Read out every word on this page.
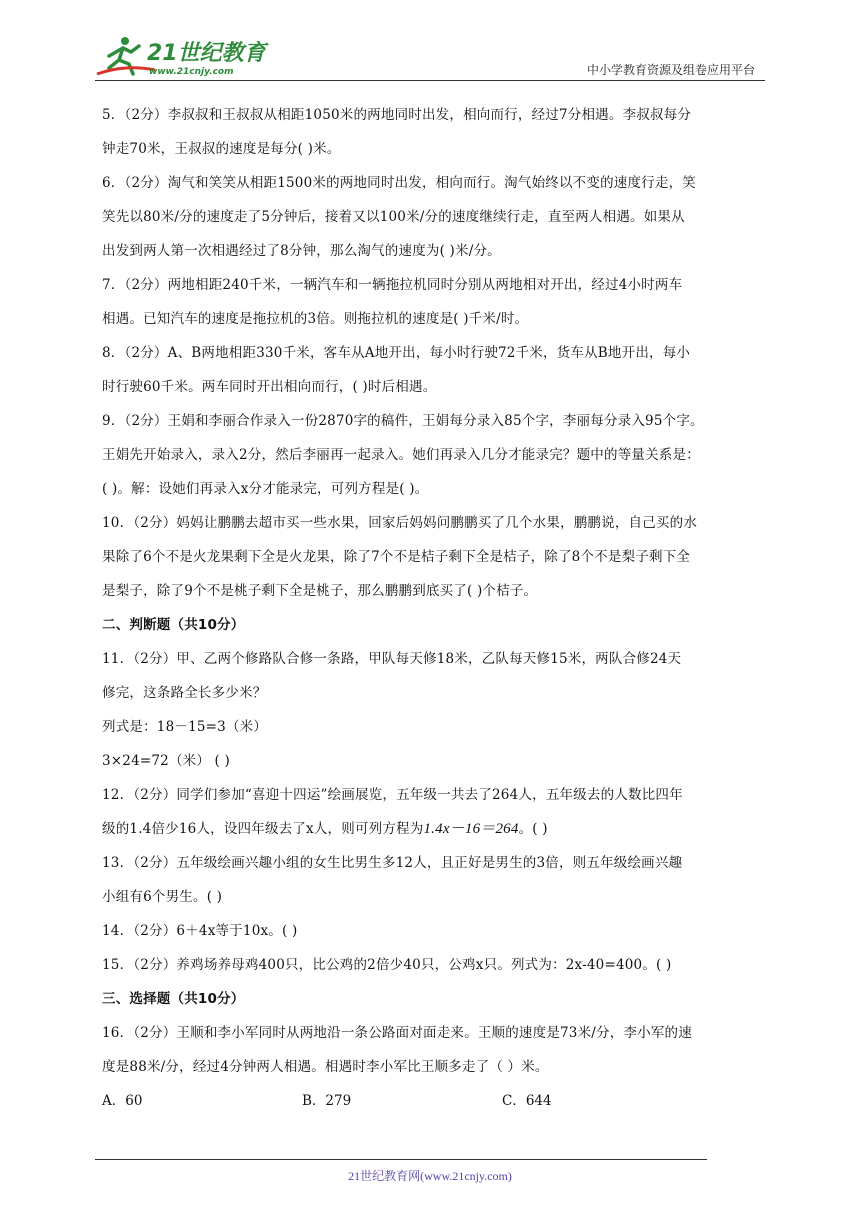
21世纪教育
www.21cnjy.com	中小学教育资源及组卷应用平台
5．（2分）李叔叔和王叔叔从相距1050米的两地同时出发，相向而行，经过7分相遇。李叔叔每分
钟走70米，王叔叔的速度是每分( )米。
6．（2分）淘气和笑笑从相距1500米的两地同时出发，相向而行。淘气始终以不变的速度行走，笑
笑先以80米/分的速度走了5分钟后，接着又以100米/分的速度继续行走，直至两人相遇。如果从
出发到两人第一次相遇经过了8分钟，那么淘气的速度为( )米/分。
7．（2分）两地相距240千米，一辆汽车和一辆拖拉机同时分别从两地相对开出，经过4小时两车
相遇。已知汽车的速度是拖拉机的3倍。则拖拉机的速度是( )千米/时。
8．（2分）A、B两地相距330千米，客车从A地开出，每小时行驶72千米，货车从B地开出，每小
时行驶60千米。两车同时开出相向而行，( )时后相遇。
9．（2分）王娟和李丽合作录入一份2870字的稿件，王娟每分录入85个字，李丽每分录入95个字。
王娟先开始录入，录入2分，然后李丽再一起录入。她们再录入几分才能录完？题中的等量关系是：
( )。解：设她们再录入x分才能录完，可列方程是( )。
10．（2分）妈妈让鹏鹏去超市买一些水果，回家后妈妈问鹏鹏买了几个水果，鹏鹏说，自己买的水
果除了6个不是火龙果剩下全是火龙果，除了7个不是桔子剩下全是桔子，除了8个不是梨子剩下全
是梨子，除了9个不是桃子剩下全是桃子，那么鹏鹏到底买了( )个桔子。
二、判断题（共10分）
11．（2分）甲、乙两个修路队合修一条路，甲队每天修18米，乙队每天修15米，两队合修24天
修完，这条路全长多少米？
列式是：18－15=3（米）
3×24=72（米） ( )
12．（2分）同学们参加“喜迎十四运”绘画展览，五年级一共去了264人，五年级去的人数比四年
级的1.4倍少16人，设四年级去了x人，则可列方程为1.4x－16＝264。( )
13．（2分）五年级绘画兴趣小组的女生比男生多12人，且正好是男生的3倍，则五年级绘画兴趣
小组有6个男生。( )
14．（2分）6＋4x等于10x。( )
15．（2分）养鸡场养母鸡400只，比公鸡的2倍少40只，公鸡x只。列式为：2x-40=400。( )
三、选择题（共10分）
16．（2分）王顺和李小军同时从两地沿一条公路面对面走来。王顺的速度是73米/分，李小军的速
度是88米/分，经过4分钟两人相遇。相遇时李小军比王顺多走了（ ）米。
A．60	B．279	C．644
21世纪教育网(www.21cnjy.com)
